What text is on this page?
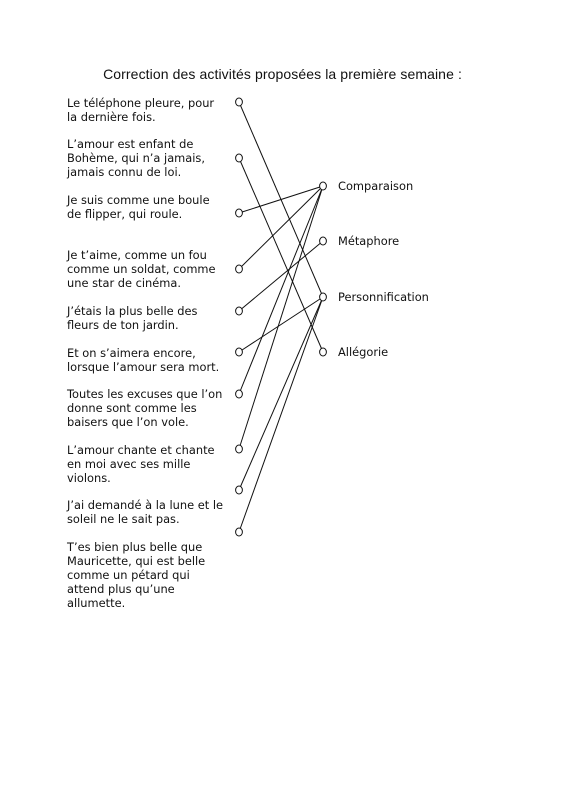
Correction des activités proposées la première semaine :
Le téléphone pleure, pour
la dernière fois.
L’amour est enfant de
Bohème, qui n’a jamais,
jamais connu de loi.
Je suis comme une boule
de flipper, qui roule.
Je t’aime, comme un fou
comme un soldat, comme
une star de cinéma.
J’étais la plus belle des
fleurs de ton jardin.
Et on s’aimera encore,
lorsque l’amour sera mort.
Toutes les excuses que l’on
donne sont comme les
baisers que l’on vole.
L’amour chante et chante
en moi avec ses mille
violons.
J’ai demandé à la lune et le
soleil ne le sait pas.
T’es bien plus belle que
Mauricette, qui est belle
comme un pétard qui
attend plus qu’une
allumette.
Comparaison
Métaphore
Personnification
Allégorie
